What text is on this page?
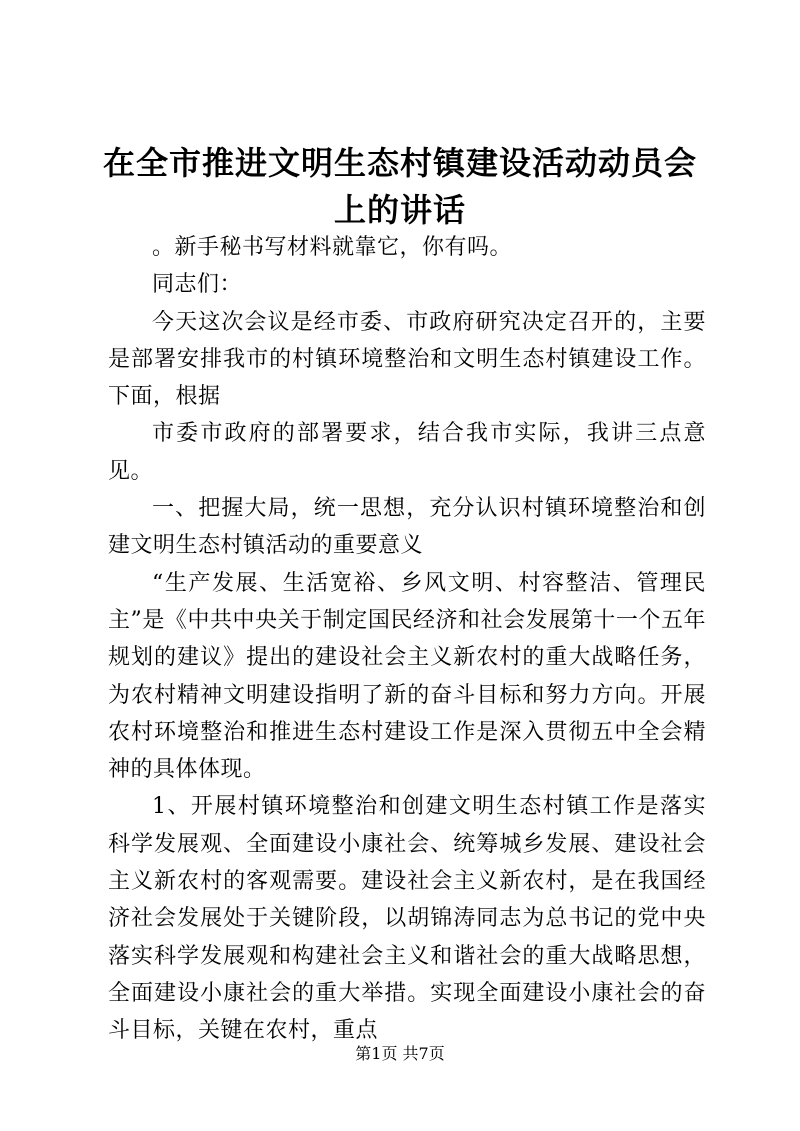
在全市推进文明生态村镇建设活动动员会上的讲话

。新手秘书写材料就靠它，你有吗。

同志们：

今天这次会议是经市委、市政府研究决定召开的，主要是部署安排我市的村镇环境整治和文明生态村镇建设工作。下面，根据

市委市政府的部署要求，结合我市实际，我讲三点意见。

一、把握大局，统一思想，充分认识村镇环境整治和创建文明生态村镇活动的重要意义

“生产发展、生活宽裕、乡风文明、村容整洁、管理民主”是《中共中央关于制定国民经济和社会发展第十一个五年规划的建议》提出的建设社会主义新农村的重大战略任务，为农村精神文明建设指明了新的奋斗目标和努力方向。开展农村环境整治和推进生态村建设工作是深入贯彻五中全会精神的具体体现。

1、开展村镇环境整治和创建文明生态村镇工作是落实科学发展观、全面建设小康社会、统筹城乡发展、建设社会主义新农村的客观需要。建设社会主义新农村，是在我国经济社会发展处于关键阶段，以胡锦涛同志为总书记的党中央落实科学发展观和构建社会主义和谐社会的重大战略思想，全面建设小康社会的重大举措。实现全面建设小康社会的奋斗目标，关键在农村，重点

第1页 共7页
